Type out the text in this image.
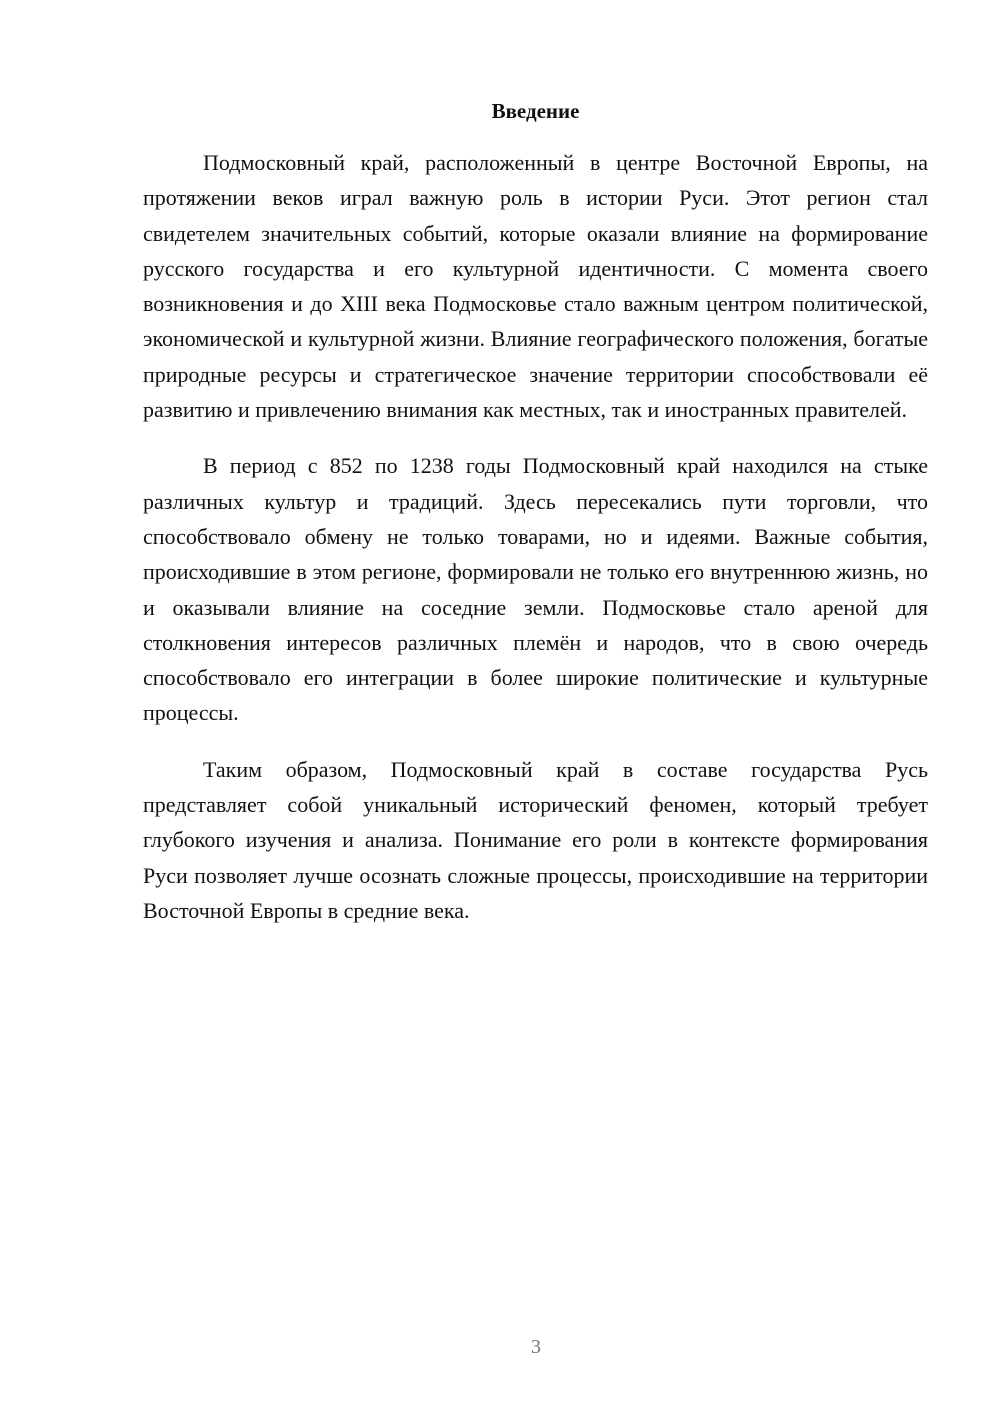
Введение

Подмосковный край, расположенный в центре Восточной Европы, на протяжении веков играл важную роль в истории Руси. Этот регион стал свидетелем значительных событий, которые оказали влияние на формирование русского государства и его культурной идентичности. С момента своего возникновения и до XIII века Подмосковье стало важным центром политической, экономической и культурной жизни. Влияние географического положения, богатые природные ресурсы и стратегическое значение территории способствовали её развитию и привлечению внимания как местных, так и иностранных правителей.

В период с 852 по 1238 годы Подмосковный край находился на стыке различных культур и традиций. Здесь пересекались пути торговли, что способствовало обмену не только товарами, но и идеями. Важные события, происходившие в этом регионе, формировали не только его внутреннюю жизнь, но и оказывали влияние на соседние земли. Подмосковье стало ареной для столкновения интересов различных племён и народов, что в свою очередь способствовало его интеграции в более широкие политические и культурные процессы.

Таким образом, Подмосковный край в составе государства Русь представляет собой уникальный исторический феномен, который требует глубокого изучения и анализа. Понимание его роли в контексте формирования Руси позволяет лучше осознать сложные процессы, происходившие на территории Восточной Европы в средние века.

3
